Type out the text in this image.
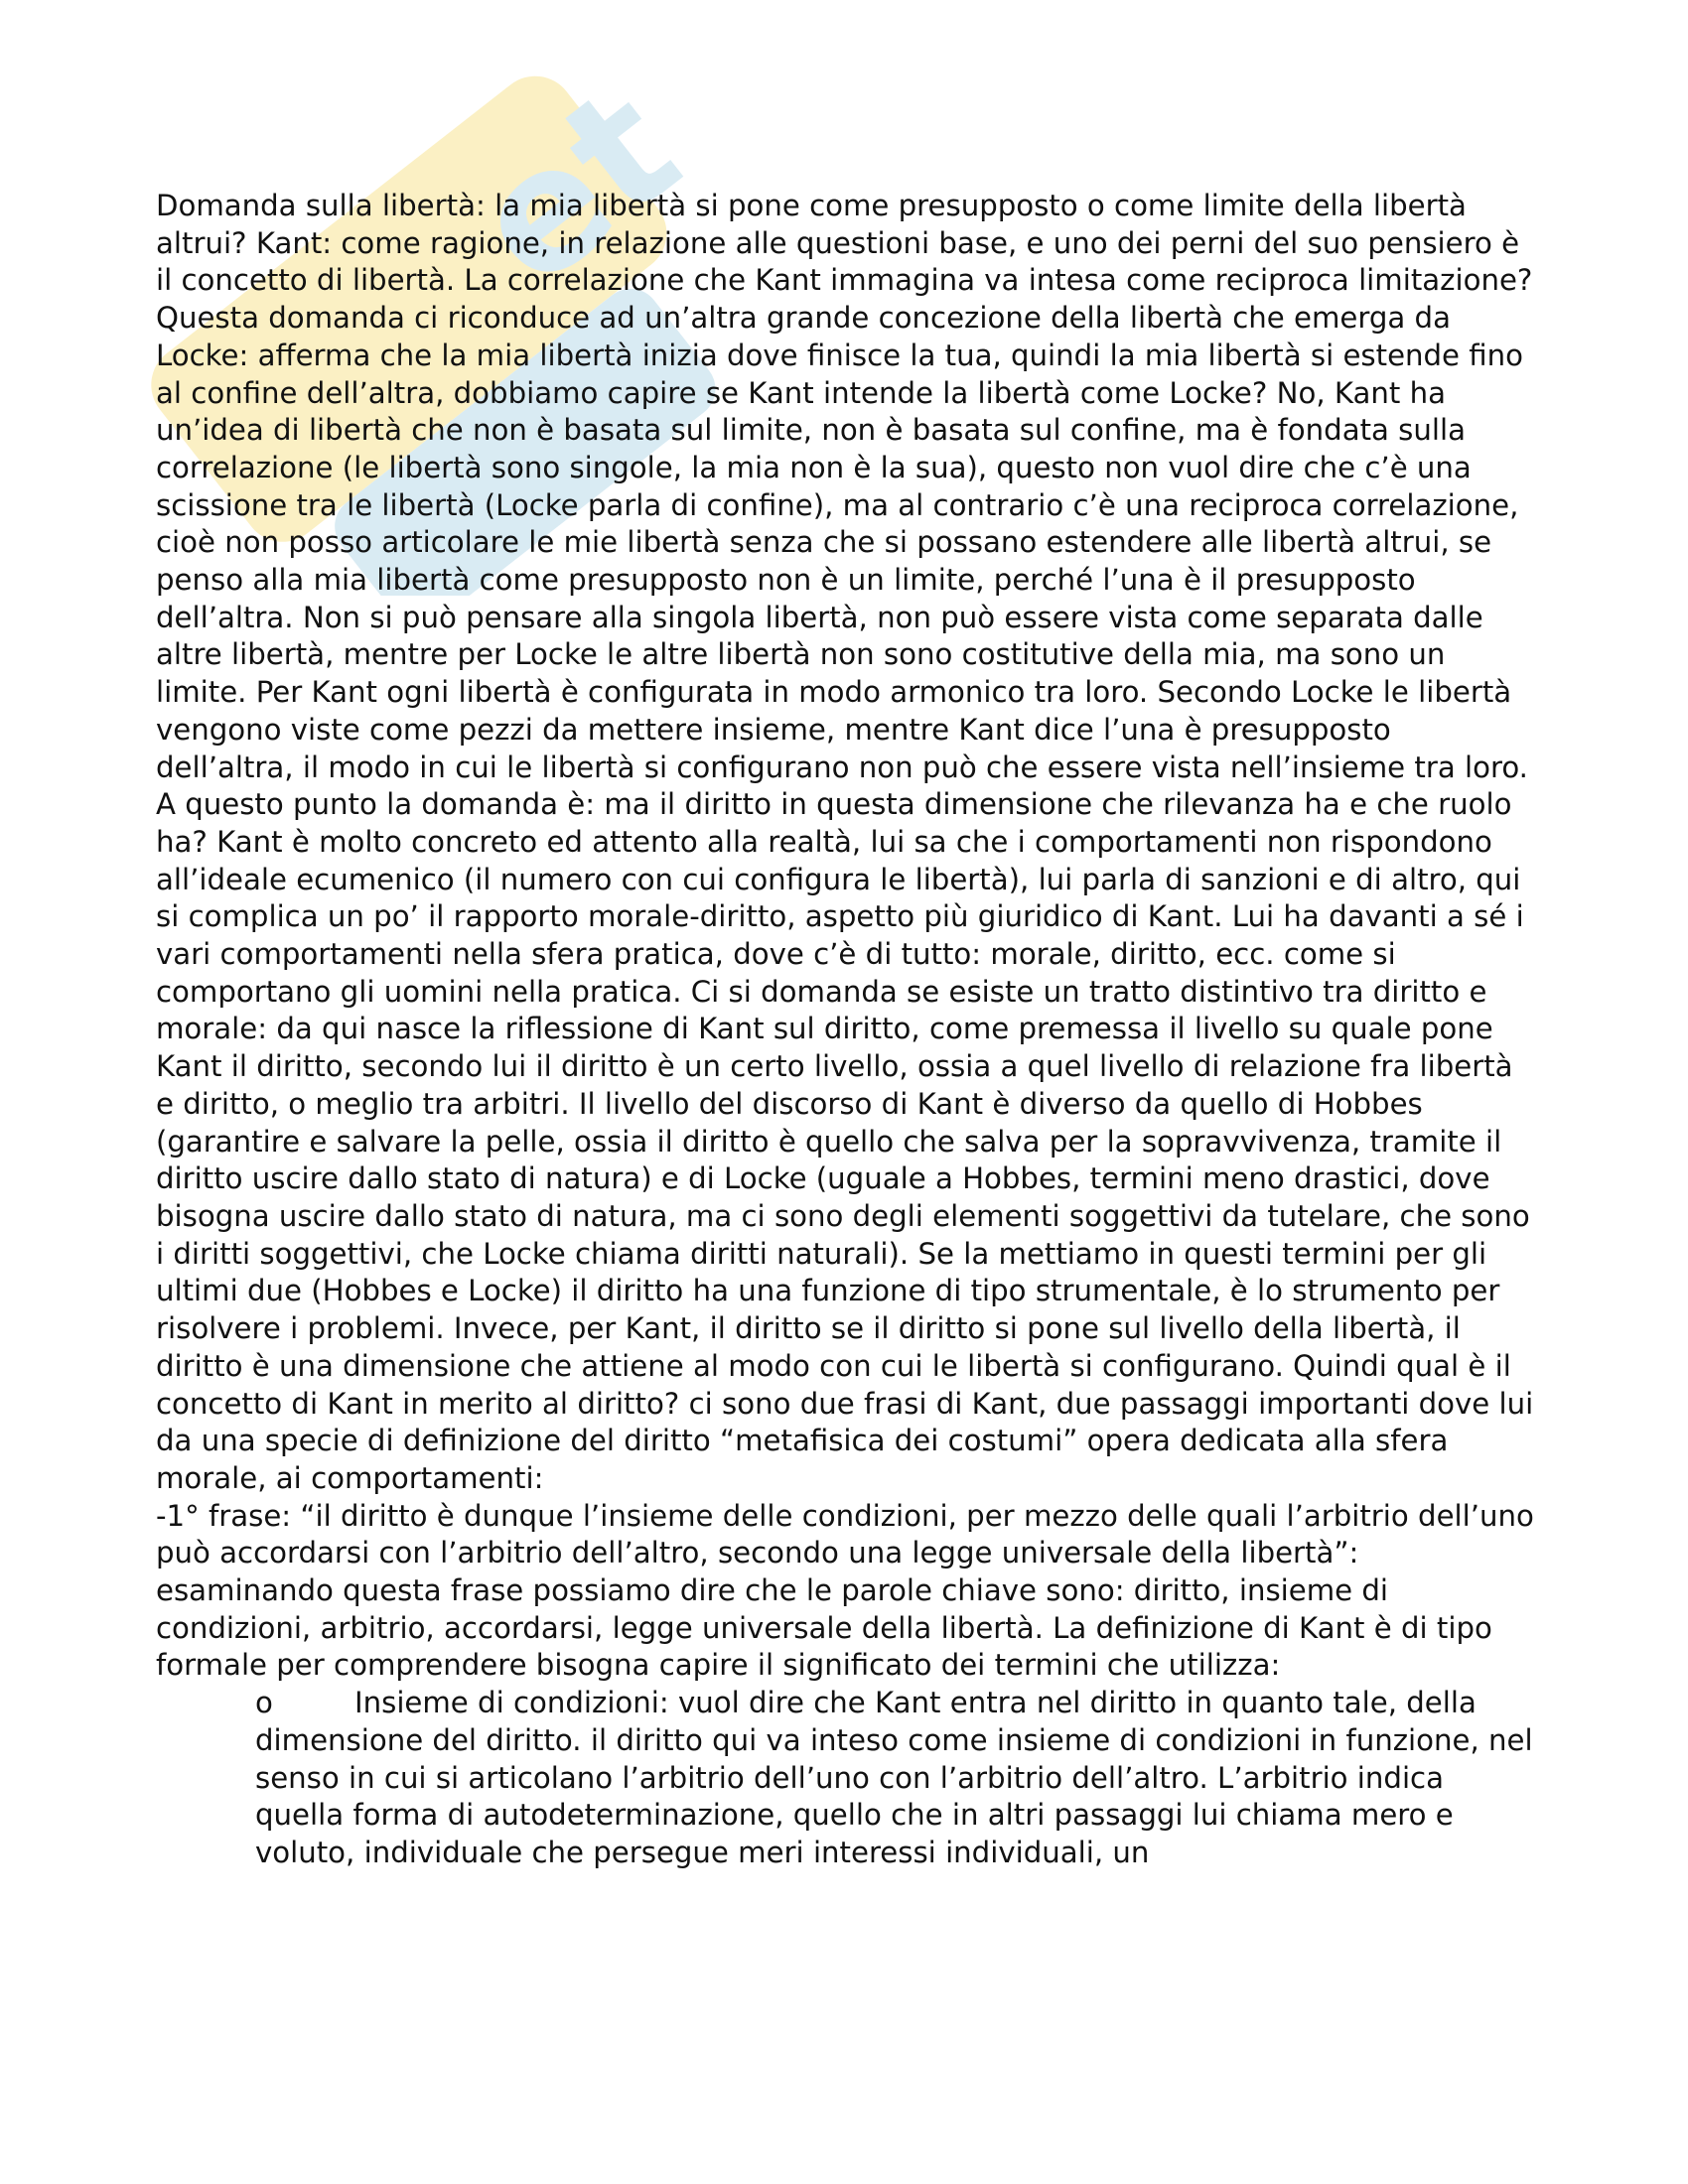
et

Domanda sulla libertà: la mia libertà si pone come presupposto o come limite della libertà altrui? Kant: come ragione, in relazione alle questioni base, e uno dei perni del suo pensiero è il concetto di libertà. La correlazione che Kant immagina va intesa come reciproca limitazione? Questa domanda ci riconduce ad un’altra grande concezione della libertà che emerga da Locke: afferma che la mia libertà inizia dove finisce la tua, quindi la mia libertà si estende fino al confine dell’altra, dobbiamo capire se Kant intende la libertà come Locke? No, Kant ha un’idea di libertà che non è basata sul limite, non è basata sul confine, ma è fondata sulla correlazione (le libertà sono singole, la mia non è la sua), questo non vuol dire che c’è una scissione tra le libertà (Locke parla di confine), ma al contrario c’è una reciproca correlazione, cioè non posso articolare le mie libertà senza che si possano estendere alle libertà altrui, se penso alla mia libertà come presupposto non è un limite, perché l’una è il presupposto dell’altra. Non si può pensare alla singola libertà, non può essere vista come separata dalle altre libertà, mentre per Locke le altre libertà non sono costitutive della mia, ma sono un limite. Per Kant ogni libertà è configurata in modo armonico tra loro. Secondo Locke le libertà vengono viste come pezzi da mettere insieme, mentre Kant dice l’una è presupposto dell’altra, il modo in cui le libertà si configurano non può che essere vista nell’insieme tra loro. A questo punto la domanda è: ma il diritto in questa dimensione che rilevanza ha e che ruolo ha? Kant è molto concreto ed attento alla realtà, lui sa che i comportamenti non rispondono all’ideale ecumenico (il numero con cui configura le libertà), lui parla di sanzioni e di altro, qui si complica un po’ il rapporto morale-diritto, aspetto più giuridico di Kant. Lui ha davanti a sé i vari comportamenti nella sfera pratica, dove c’è di tutto: morale, diritto, ecc. come si comportano gli uomini nella pratica. Ci si domanda se esiste un tratto distintivo tra diritto e morale: da qui nasce la riflessione di Kant sul diritto, come premessa il livello su quale pone Kant il diritto, secondo lui il diritto è un certo livello, ossia a quel livello di relazione fra libertà e diritto, o meglio tra arbitri. Il livello del discorso di Kant è diverso da quello di Hobbes (garantire e salvare la pelle, ossia il diritto è quello che salva per la sopravvivenza, tramite il diritto uscire dallo stato di natura) e di Locke (uguale a Hobbes, termini meno drastici, dove bisogna uscire dallo stato di natura, ma ci sono degli elementi soggettivi da tutelare, che sono i diritti soggettivi, che Locke chiama diritti naturali). Se la mettiamo in questi termini per gli ultimi due (Hobbes e Locke) il diritto ha una funzione di tipo strumentale, è lo strumento per risolvere i problemi. Invece, per Kant, il diritto se il diritto si pone sul livello della libertà, il diritto è una dimensione che attiene al modo con cui le libertà si configurano. Quindi qual è il concetto di Kant in merito al diritto? ci sono due frasi di Kant, due passaggi importanti dove lui da una specie di definizione del diritto “metafisica dei costumi” opera dedicata alla sfera morale, ai comportamenti:

-1° frase: “il diritto è dunque l’insieme delle condizioni, per mezzo delle quali l’arbitrio dell’uno può accordarsi con l’arbitrio dell’altro, secondo una legge universale della libertà”: esaminando questa frase possiamo dire che le parole chiave sono: diritto, insieme di condizioni, arbitrio, accordarsi, legge universale della libertà. La definizione di Kant è di tipo formale per comprendere bisogna capire il significato dei termini che utilizza:

o	Insieme di condizioni: vuol dire che Kant entra nel diritto in quanto tale, della dimensione del diritto. il diritto qui va inteso come insieme di condizioni in funzione, nel senso in cui si articolano l’arbitrio dell’uno con l’arbitrio dell’altro. L’arbitrio indica quella forma di autodeterminazione, quello che in altri passaggi lui chiama mero e voluto, individuale che persegue meri interessi individuali, un
